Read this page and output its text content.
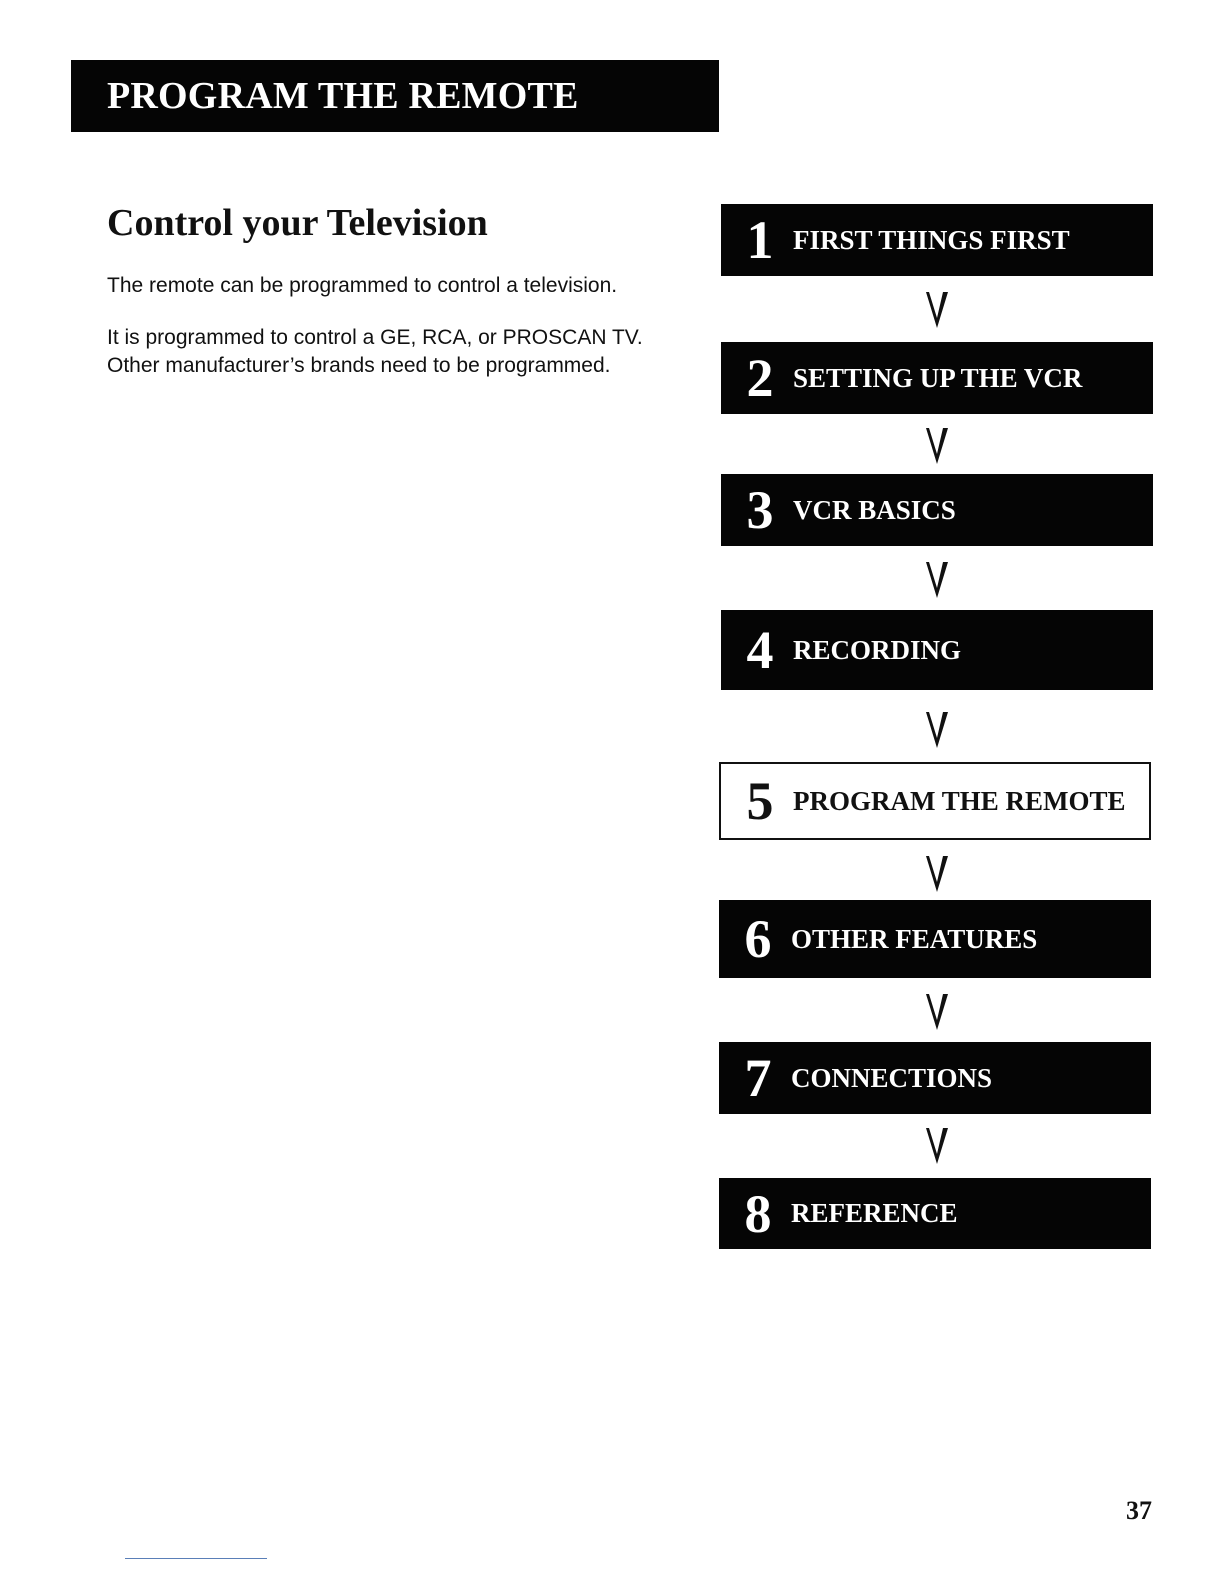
PROGRAM THE REMOTE
Control your Television

The remote can be programmed to control a television.

It is programmed to control a GE, RCA, or PROSCAN TV.
Other manufacturer’s brands need to be programmed.

1 FIRST THINGS FIRST
2 SETTING UP THE VCR
3 VCR BASICS
4 RECORDING
5 PROGRAM THE REMOTE
6 OTHER FEATURES
7 CONNECTIONS
8 REFERENCE
37
